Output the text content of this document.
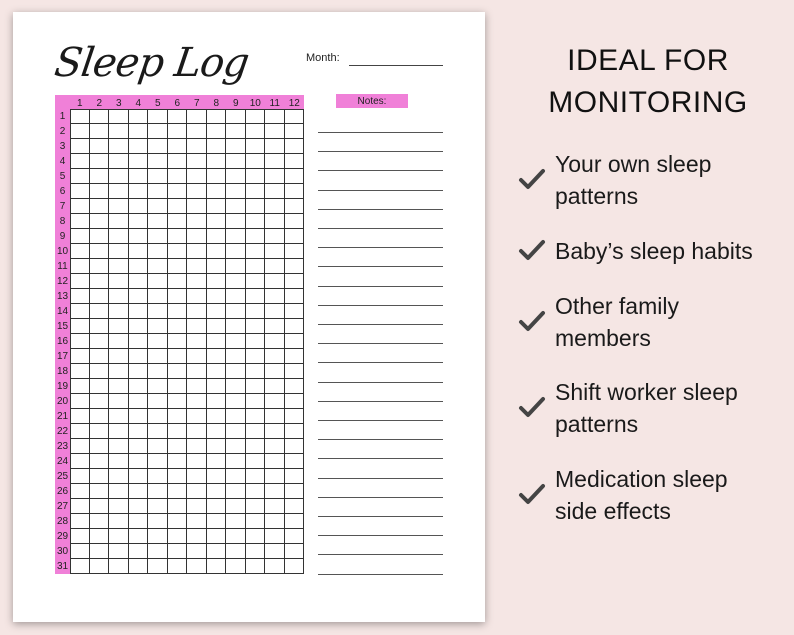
Sleep Log	Month:
1	2	3	4	5	6	7	8	9	10 11 12
1
2
3
4
5
6
7
8
9
10
11
12
13
14
15
16
17
18
19
20
21
22
23
24
25
26
27
28
29
30
31
Notes:
IDEAL FOR
MONITORING
Your own sleep
patterns
Baby’s sleep habits
Other family
members
Shift worker sleep
patterns
Medication sleep
side effects
